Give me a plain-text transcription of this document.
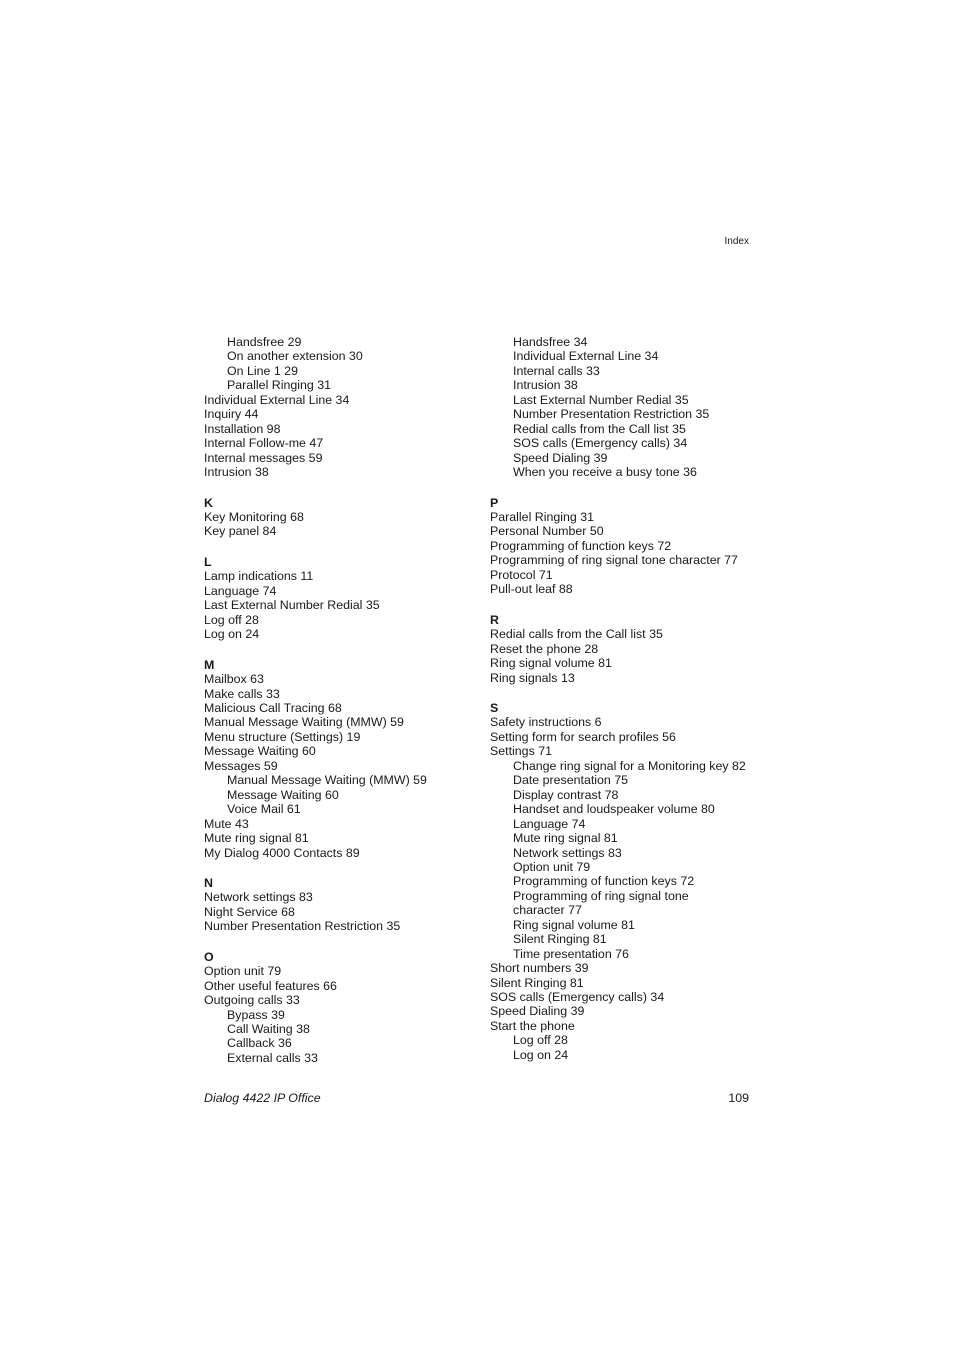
Index
Handsfree 29
On another extension 30
On Line 1 29
Parallel Ringing 31
Individual External Line 34
Inquiry 44
Installation 98
Internal Follow-me 47
Internal messages 59
Intrusion 38
K
Key Monitoring 68
Key panel 84
L
Lamp indications 11
Language 74
Last External Number Redial 35
Log off 28
Log on 24
M
Mailbox 63
Make calls 33
Malicious Call Tracing 68
Manual Message Waiting (MMW) 59
Menu structure (Settings) 19
Message Waiting 60
Messages 59
Manual Message Waiting (MMW) 59
Message Waiting 60
Voice Mail 61
Mute 43
Mute ring signal 81
My Dialog 4000 Contacts 89
N
Network settings 83
Night Service 68
Number Presentation Restriction 35
O
Option unit 79
Other useful features 66
Outgoing calls 33
Bypass 39
Call Waiting 38
Callback 36
External calls 33
Handsfree 34
Individual External Line 34
Internal calls 33
Intrusion 38
Last External Number Redial 35
Number Presentation Restriction 35
Redial calls from the Call list 35
SOS calls (Emergency calls) 34
Speed Dialing 39
When you receive a busy tone 36
P
Parallel Ringing 31
Personal Number 50
Programming of function keys 72
Programming of ring signal tone character 77
Protocol 71
Pull-out leaf 88
R
Redial calls from the Call list 35
Reset the phone 28
Ring signal volume 81
Ring signals 13
S
Safety instructions 6
Setting form for search profiles 56
Settings 71
Change ring signal for a Monitoring key 82
Date presentation 75
Display contrast 78
Handset and loudspeaker volume 80
Language 74
Mute ring signal 81
Network settings 83
Option unit 79
Programming of function keys 72
Programming of ring signal tone
character 77
Ring signal volume 81
Silent Ringing 81
Time presentation 76
Short numbers 39
Silent Ringing 81
SOS calls (Emergency calls) 34
Speed Dialing 39
Start the phone
Log off 28
Log on 24
Dialog 4422 IP Office	109
